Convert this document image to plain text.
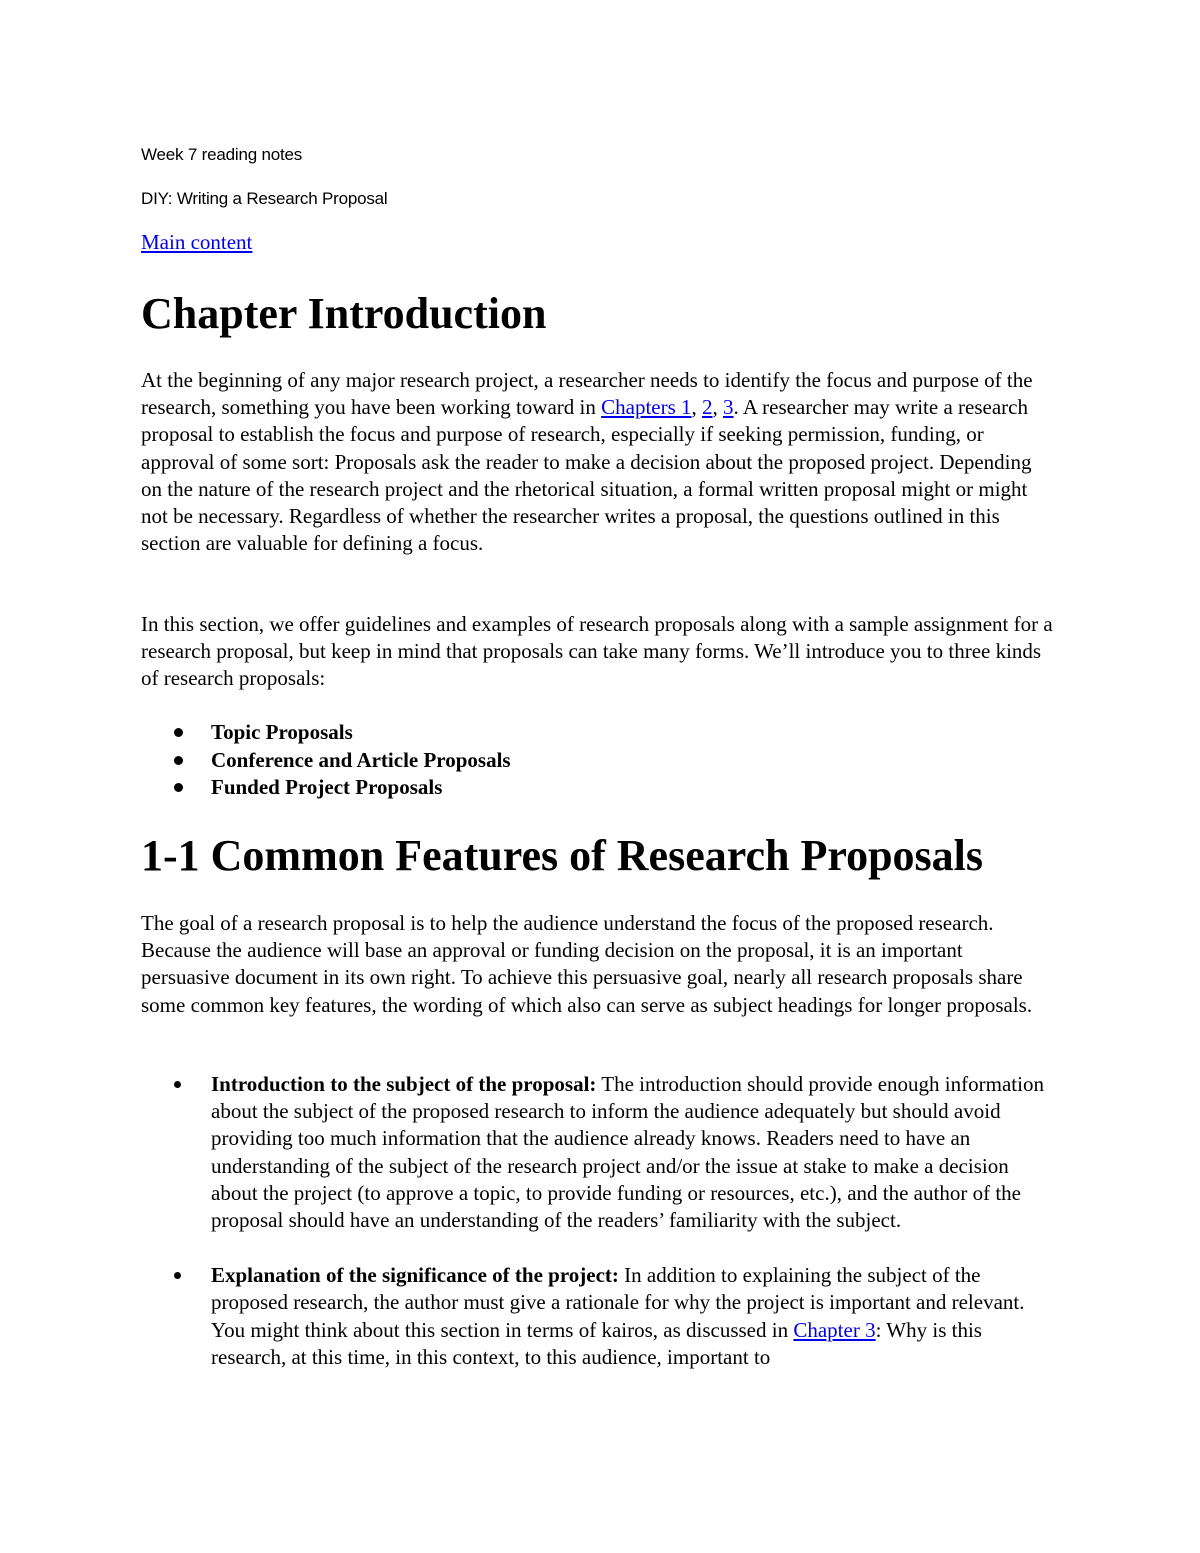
Week 7 reading notes
DIY: Writing a Research Proposal
Main content
Chapter Introduction

At the beginning of any major research project, a researcher needs to identify the focus and purpose of the research, something you have been working toward in Chapters 1, 2, 3. A researcher may write a research proposal to establish the focus and purpose of research, especially if seeking permission, funding, or approval of some sort: Proposals ask the reader to make a decision about the proposed project. Depending on the nature of the research project and the rhetorical situation, a formal written proposal might or might not be necessary. Regardless of whether the researcher writes a proposal, the questions outlined in this section are valuable for defining a focus.

In this section, we offer guidelines and examples of research proposals along with a sample assignment for a research proposal, but keep in mind that proposals can take many forms. We’ll introduce you to three kinds of research proposals:

Topic Proposals
Conference and Article Proposals
Funded Project Proposals
1-1 Common Features of Research Proposals

The goal of a research proposal is to help the audience understand the focus of the proposed research. Because the audience will base an approval or funding decision on the proposal, it is an important persuasive document in its own right. To achieve this persuasive goal, nearly all research proposals share some common key features, the wording of which also can serve as subject headings for longer proposals.

Introduction to the subject of the proposal: The introduction should provide enough information about the subject of the proposed research to inform the audience adequately but should avoid providing too much information that the audience already knows. Readers need to have an understanding of the subject of the research project and/or the issue at stake to make a decision about the project (to approve a topic, to provide funding or resources, etc.), and the author of the proposal should have an understanding of the readers’ familiarity with the subject.
Explanation of the significance of the project: In addition to explaining the subject of the proposed research, the author must give a rationale for why the project is important and relevant. You might think about this section in terms of kairos, as discussed in Chapter 3: Why is this research, at this time, in this context, to this audience, important to
